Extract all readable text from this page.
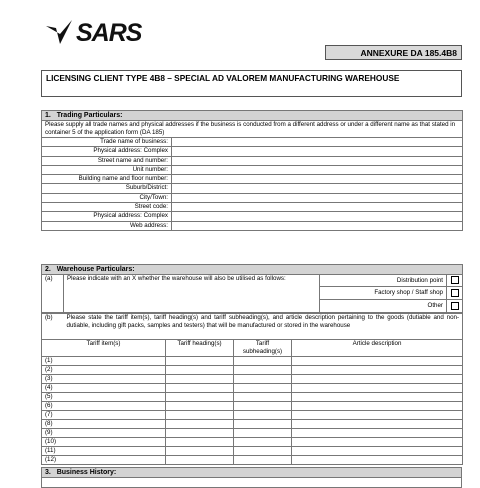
SARS
ANNEXURE DA 185.4B8
LICENSING CLIENT TYPE 4B8 – SPECIAL AD VALOREM MANUFACTURING WAREHOUSE
1. Trading Particulars:	
Please supply all trade names and physical addresses if the business is conducted from a different address or under a different name as that stated in container 5 of the application form (DA 185)	
Trade name of business:	
Physical address: Complex	
Street name and number:	
Unit number:	
Building name and floor number:	
Suburb/District:	
City/Town:	
Street code:	
Physical address: Complex	
Web address:	
2. Warehouse Particulars:			
(a)	Please indicate with an X whether the warehouse will also be utilised as follows:	Distribution point	
		Factory shop / Staff shop	
		Other	
(b)	Please state the tariff item(s), tariff heading(s) and tariff subheading(s), and article description pertaining to the goods (dutiable and non-dutiable, including gift packs, samples and testers) that will be manufactured or stored in the warehouse			
Tariff item(s)		Tariff heading(s)	Tariff subheading(s)	Article description
(1)				
(2)				
(3)				
(4)				
(5)				
(6)				
(7)				
(8)				
(9)				
(10)				
(11)				
(12)				
3. Business History:
